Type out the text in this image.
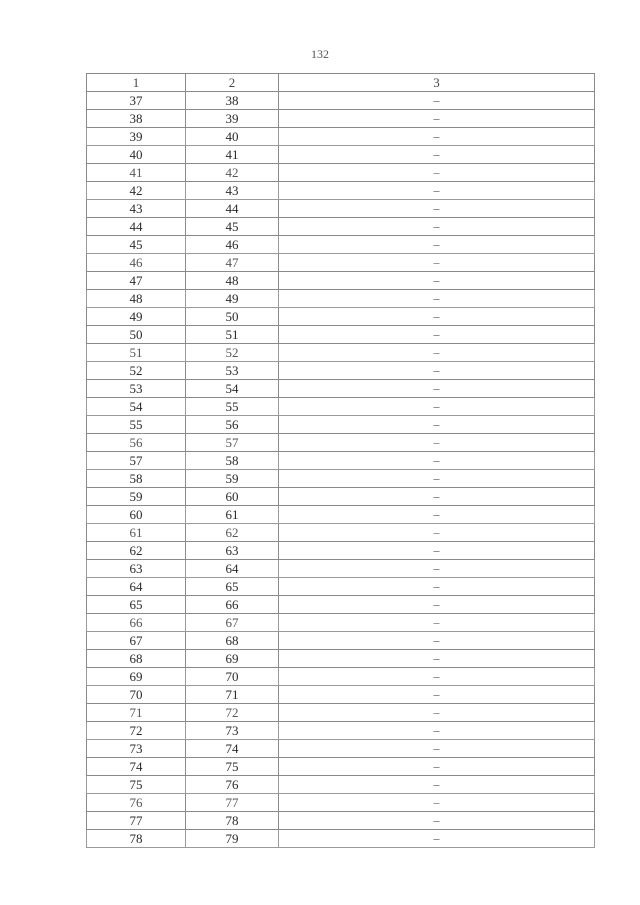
132
1	2	3
37	38	–
38	39	–
39	40	–
40	41	–
41	42	–
42	43	–
43	44	–
44	45	–
45	46	–
46	47	–
47	48	–
48	49	–
49	50	–
50	51	–
51	52	–
52	53	–
53	54	–
54	55	–
55	56	–
56	57	–
57	58	–
58	59	–
59	60	–
60	61	–
61	62	–
62	63	–
63	64	–
64	65	–
65	66	–
66	67	–
67	68	–
68	69	–
69	70	–
70	71	–
71	72	–
72	73	–
73	74	–
74	75	–
75	76	–
76	77	–
77	78	–
78	79	–
